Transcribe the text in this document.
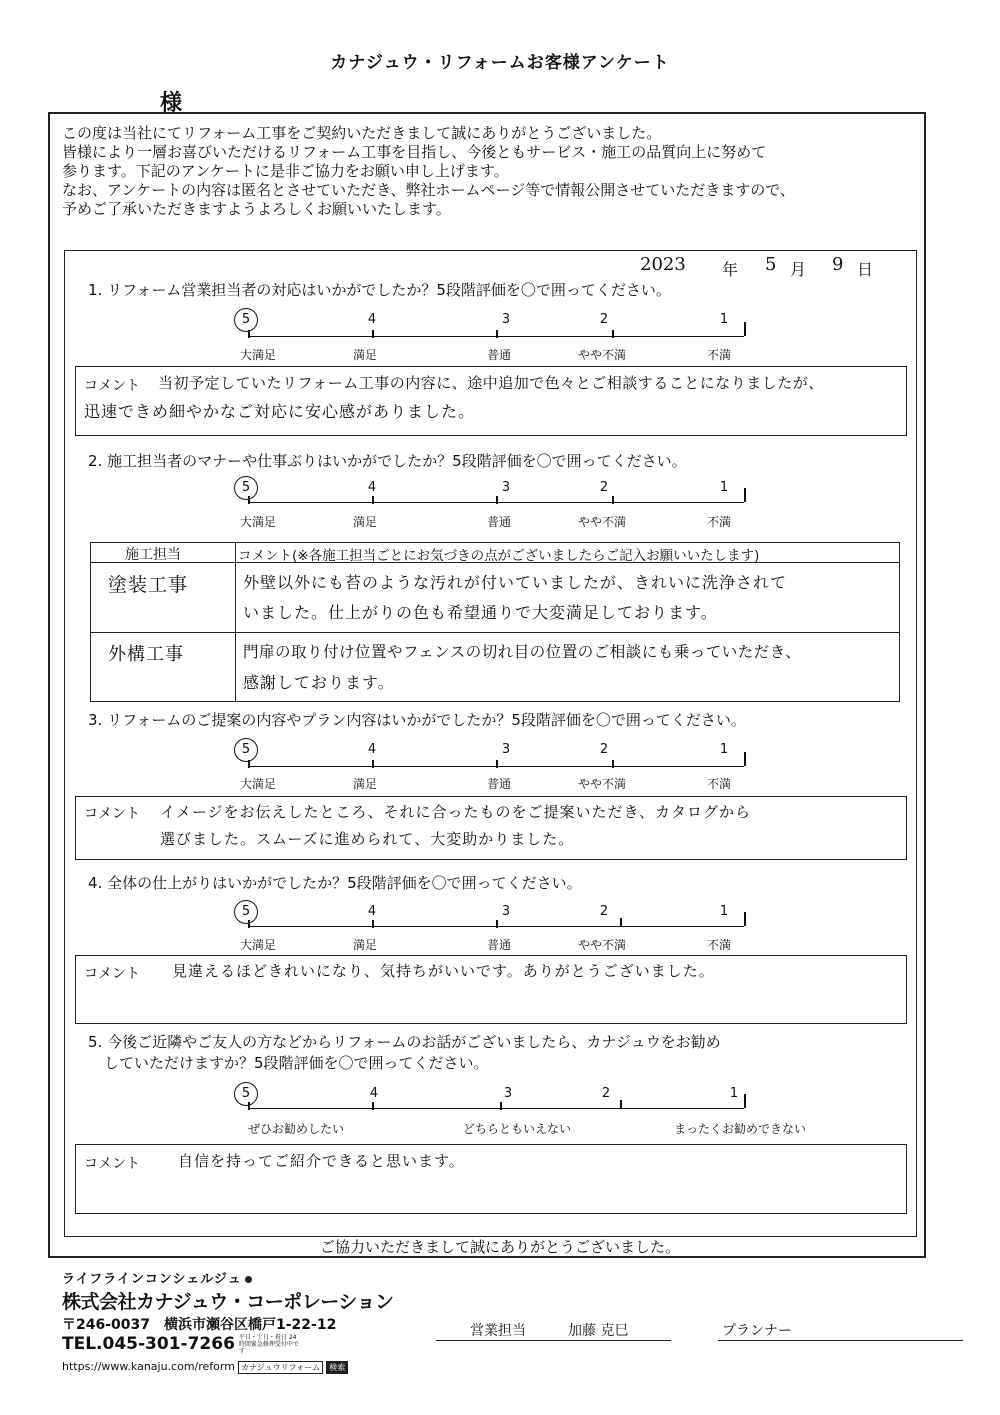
カナジュウ・リフォームお客様アンケート
様
この度は当社にてリフォーム工事をご契約いただきまして誠にありがとうございました。
皆様により一層お喜びいただけるリフォーム工事を目指し、今後ともサービス・施工の品質向上に努めて
参ります。下記のアンケートに是非ご協力をお願い申し上げます。
なお、アンケートの内容は匿名とさせていただき、弊社ホームページ等で情報公開させていただきますので、
予めご了承いただきますようよろしくお願いいたします。
2023 年 5 月 9 日
1. リフォーム営業担当者の対応はいかがでしたか？5段階評価を〇で囲ってください。
5	4	3	2	1
大満足	満足	普通	やや不満	不満
コメント 当初予定していたリフォーム工事の内容に、途中追加で色々とご相談することになりましたが、
迅速できめ細やかなご対応に安心感がありました。
2. 施工担当者のマナーや仕事ぶりはいかがでしたか？5段階評価を〇で囲ってください。
5	4	3	2	1
大満足	満足	普通	やや不満	不満
施工担当	コメント(※各施工担当ごとにお気づきの点がございましたらご記入お願いいたします)
塗装工事	外壁以外にも苔のような汚れが付いていましたが、きれいに洗浄されて
いました。仕上がりの色も希望通りで大変満足しております。
外構工事	門扉の取り付け位置やフェンスの切れ目の位置のご相談にも乗っていただき、
感謝しております。
3. リフォームのご提案の内容やプラン内容はいかがでしたか？5段階評価を〇で囲ってください。
5	4	3	2	1
大満足	満足	普通	やや不満	不満
コメント イメージをお伝えしたところ、それに合ったものをご提案いただき、カタログから
選びました。スムーズに進められて、大変助かりました。
4. 全体の仕上がりはいかがでしたか？5段階評価を〇で囲ってください。
5	4	3	2	1
大満足	満足	普通	やや不満	不満
コメント 見違えるほどきれいになり、気持ちがいいです。ありがとうございました。
5. 今後ご近隣やご友人の方などからリフォームのお話がございましたら、カナジュウをお勧め
していただけますか？5段階評価を〇で囲ってください。
5	4	3	2	1
ぜひお勧めしたい	どちらともいえない	まったくお勧めできない
コメント	自信を持ってご紹介できると思います。
ご協力いただきまして誠にありがとうございました。
ライフラインコンシェルジュ
株式会社カナジュウ・コーポレーション
〒246-0037　横浜市瀬谷区橋戸1-22-12
TEL.045-301-7266 平日・土日・祝日 24時間緊急修理受付中です
https://www.kanaju.com/reform カナジュウリフォーム 検索
営業担当	加藤 克巳	プランナー
